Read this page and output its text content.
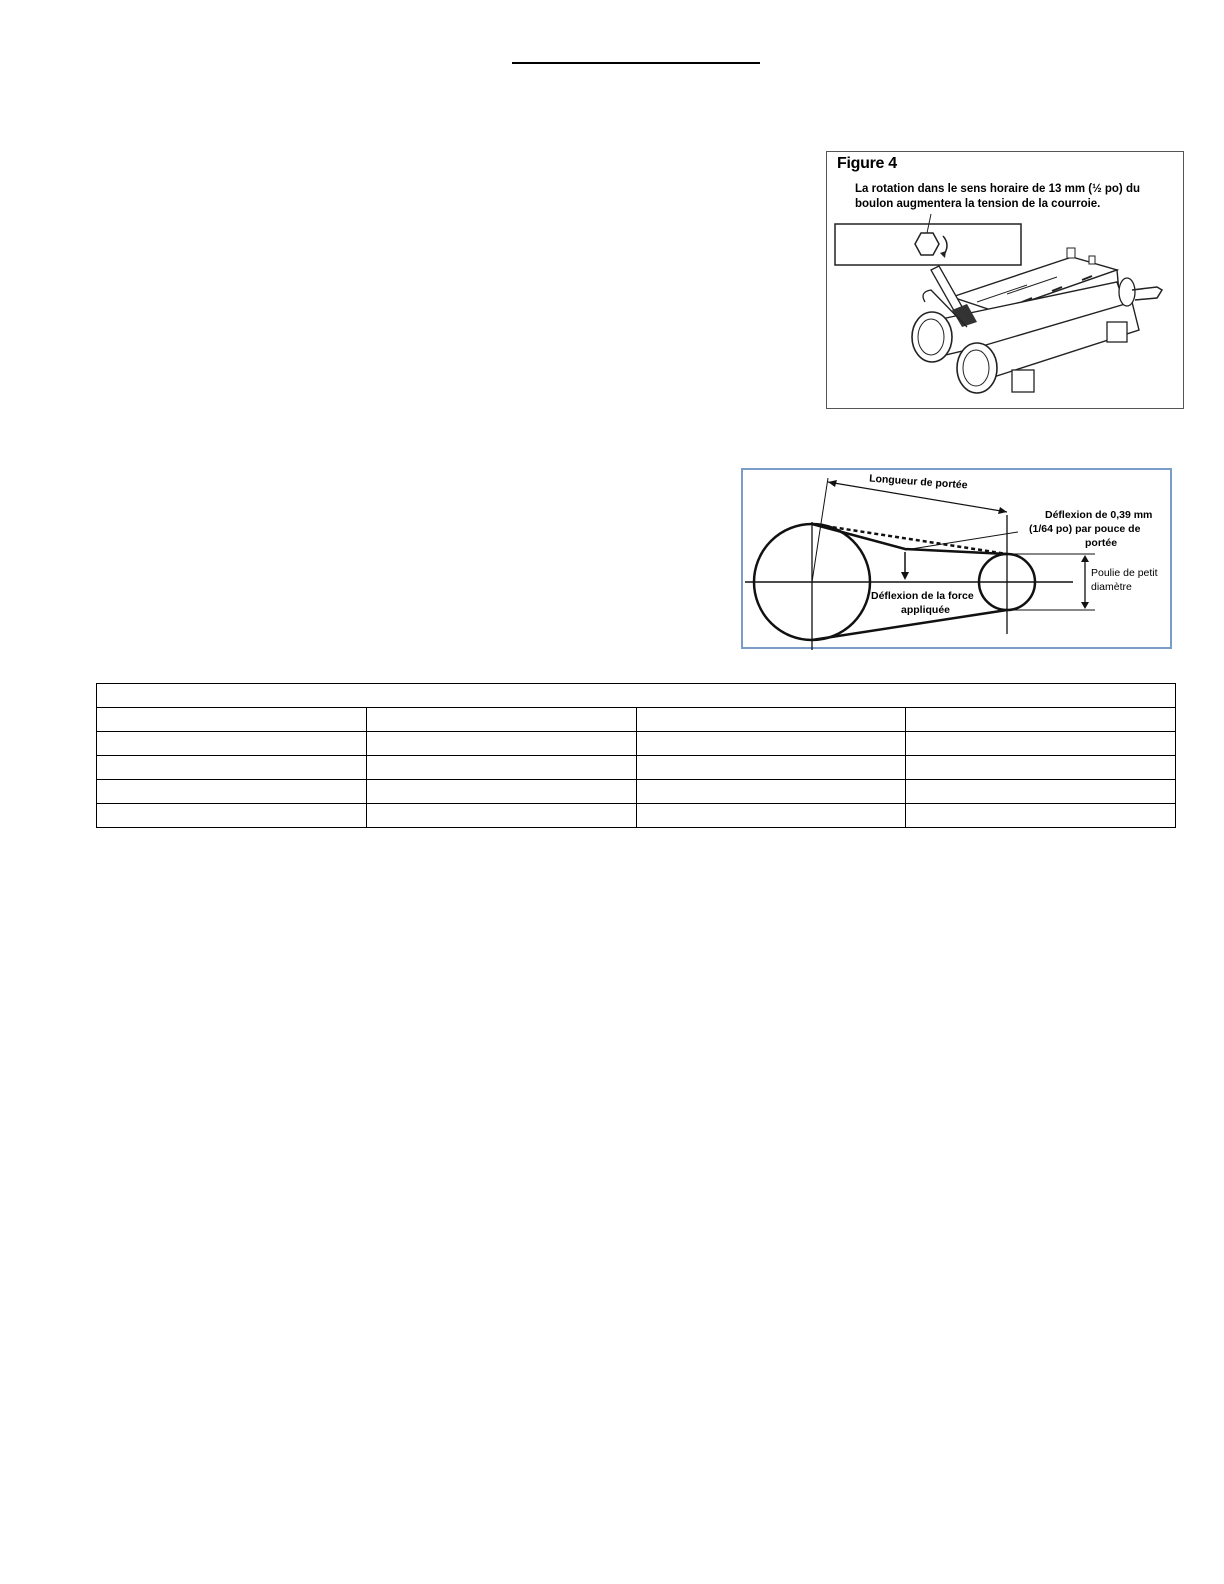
Figure 4
La rotation dans le sens horaire de 13 mm (½ po) du boulon augmentera la tension de la courroie.
Longueur de portée
Déflexion de 0,39 mm
(1/64 po) par pouce de
portée
Poulie de petit
diamètre
Déflexion de la force
appliquée
